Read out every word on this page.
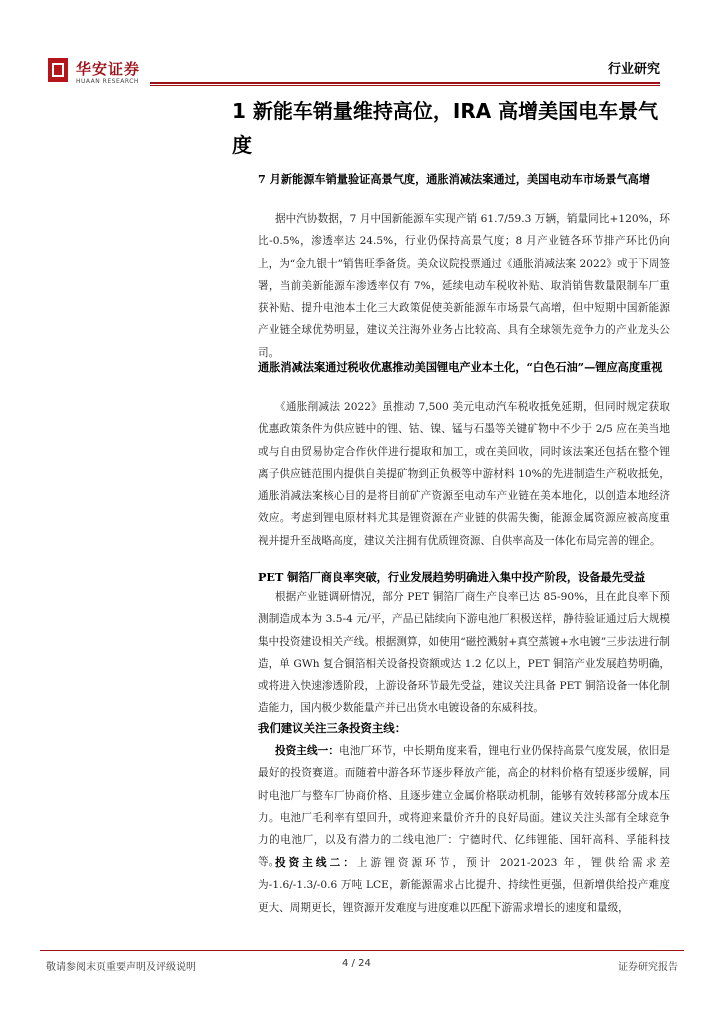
华安证券
HUAAN RESEARCH
行业研究
1 新能车销量维持高位，IRA 高增美国电车景气度
7 月新能源车销量验证高景气度，通胀消减法案通过，美国电动车市场景气高增

据中汽协数据，7 月中国新能源车实现产销 61.7/59.3 万辆，销量同比+120%，环比-0.5%，渗透率达 24.5%，行业仍保持高景气度；8 月产业链各环节排产环比仍向上，为“金九银十”销售旺季备货。美众议院投票通过《通胀消减法案 2022》或于下周签署，当前美新能源车渗透率仅有 7%，延续电动车税收补贴、取消销售数量限制车厂重获补贴、提升电池本土化三大政策促使美新能源车市场景气高增，但中短期中国新能源产业链全球优势明显，建议关注海外业务占比较高、具有全球领先竞争力的产业龙头公司。

通胀消减法案通过税收优惠推动美国锂电产业本土化，“白色石油”—锂应高度重视

《通胀削减法 2022》虽推动 7,500 美元电动汽车税收抵免延期，但同时规定获取优惠政策条件为供应链中的锂、钴、镍、锰与石墨等关键矿物中不少于 2/5 应在美当地或与自由贸易协定合作伙伴进行提取和加工，或在美回收，同时该法案还包括在整个锂离子供应链范围内提供自美提矿物到正负极等中游材料 10%的先进制造生产税收抵免，通胀消减法案核心目的是将目前矿产资源至电动车产业链在美本地化，以创造本地经济效应。考虑到锂电原材料尤其是锂资源在产业链的供需失衡，能源金属资源应被高度重视并提升至战略高度，建议关注拥有优质锂资源、自供率高及一体化布局完善的锂企。

PET 铜箔厂商良率突破，行业发展趋势明确进入集中投产阶段，设备最先受益

根据产业链调研情况，部分 PET 铜箔厂商生产良率已达 85-90%，且在此良率下预测制造成本为 3.5-4 元/平，产品已陆续向下游电池厂积极送样，静待验证通过后大规模集中投资建设相关产线。根据测算，如使用“磁控溅射+真空蒸镀+水电镀”三步法进行制造，单 GWh 复合铜箔相关设备投资额或达 1.2 亿以上，PET 铜箔产业发展趋势明确，或将进入快速渗透阶段，上游设备环节最先受益，建议关注具备 PET 铜箔设备一体化制造能力，国内极少数能量产并已出货水电镀设备的东威科技。

我们建议关注三条投资主线：

投资主线一：电池厂环节，中长期角度来看，锂电行业仍保持高景气度发展，依旧是最好的投资赛道。而随着中游各环节逐步释放产能，高企的材料价格有望逐步缓解，同时电池厂与整车厂协商价格、且逐步建立金属价格联动机制，能够有效转移部分成本压力。电池厂毛利率有望回升，或将迎来量价齐升的良好局面。建议关注头部有全球竞争力的电池厂，以及有潜力的二线电池厂：宁德时代、亿纬锂能、国轩高科、孚能科技等。

投资主线二：上游锂资源环节，预计 2021-2023 年，锂供给需求差为-1.6/-1.3/-0.6 万吨 LCE，新能源需求占比提升、持续性更强，但新增供给投产难度更大、周期更长，锂资源开发难度与进度难以匹配下游需求增长的速度和量级，

敬请参阅末页重要声明及评级说明	4 / 24	证券研究报告
